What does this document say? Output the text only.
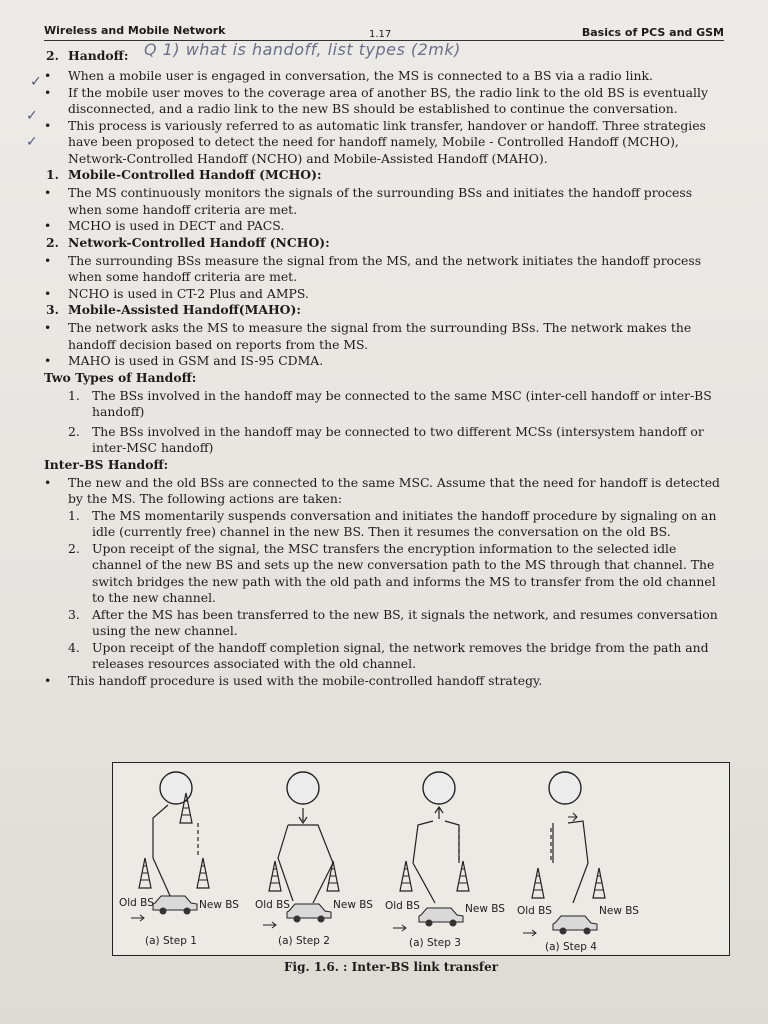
Wireless and Mobile Network	1.17	Basics of PCS and GSM
2. Handoff: Q 1) what is handoff, list types (2mk)
•	When a mobile user is engaged in conversation, the MS is connected to a BS via a radio link.
•	If the mobile user moves to the coverage area of another BS, the radio link to the old BS is eventually disconnected, and a radio link to the new BS should be established to continue the conversation.
•	This process is variously referred to as automatic link transfer, handover or handoff. Three strategies have been proposed to detect the need for handoff namely, Mobile - Controlled Handoff (MCHO), Network-Controlled Handoff (NCHO) and Mobile-Assisted Handoff (MAHO).
1. Mobile-Controlled Handoff (MCHO):
•	The MS continuously monitors the signals of the surrounding BSs and initiates the handoff process when some handoff criteria are met.
•	MCHO is used in DECT and PACS.
2. Network-Controlled Handoff (NCHO):
•	The surrounding BSs measure the signal from the MS, and the network initiates the handoff process when some handoff criteria are met.
•	NCHO is used in CT-2 Plus and AMPS.
3. Mobile-Assisted Handoff(MAHO):
•	The network asks the MS to measure the signal from the surrounding BSs. The network makes the handoff decision based on reports from the MS.
•	MAHO is used in GSM and IS-95 CDMA.
Two Types of Handoff:
1. The BSs involved in the handoff may be connected to the same MSC (inter-cell handoff or inter-BS handoff)
2. The BSs involved in the handoff may be connected to two different MCSs (intersystem handoff or inter-MSC handoff)
Inter-BS Handoff:
•	The new and the old BSs are connected to the same MSC. Assume that the need for handoff is detected by the MS. The following actions are taken:
1. The MS momentarily suspends conversation and initiates the handoff procedure by signaling on an idle (currently free) channel in the new BS. Then it resumes the conversation on the old BS.
2. Upon receipt of the signal, the MSC transfers the encryption information to the selected idle channel of the new BS and sets up the new conversation path to the MS through that channel. The switch bridges the new path with the old path and informs the MS to transfer from the old channel to the new channel.
3. After the MS has been transferred to the new BS, it signals the network, and resumes conversation using the new channel.
4. Upon receipt of the handoff completion signal, the network removes the bridge from the path and releases resources associated with the old channel.
•	This handoff procedure is used with the mobile-controlled handoff strategy.
✓
✓
✓
Old BS	New BS
(a) Step 1
Old BS	New BS
(a) Step 2
Old BS	New BS
(a) Step 3
Old BS	New BS
(a) Step 4
Fig. 1.6. : Inter-BS link transfer
